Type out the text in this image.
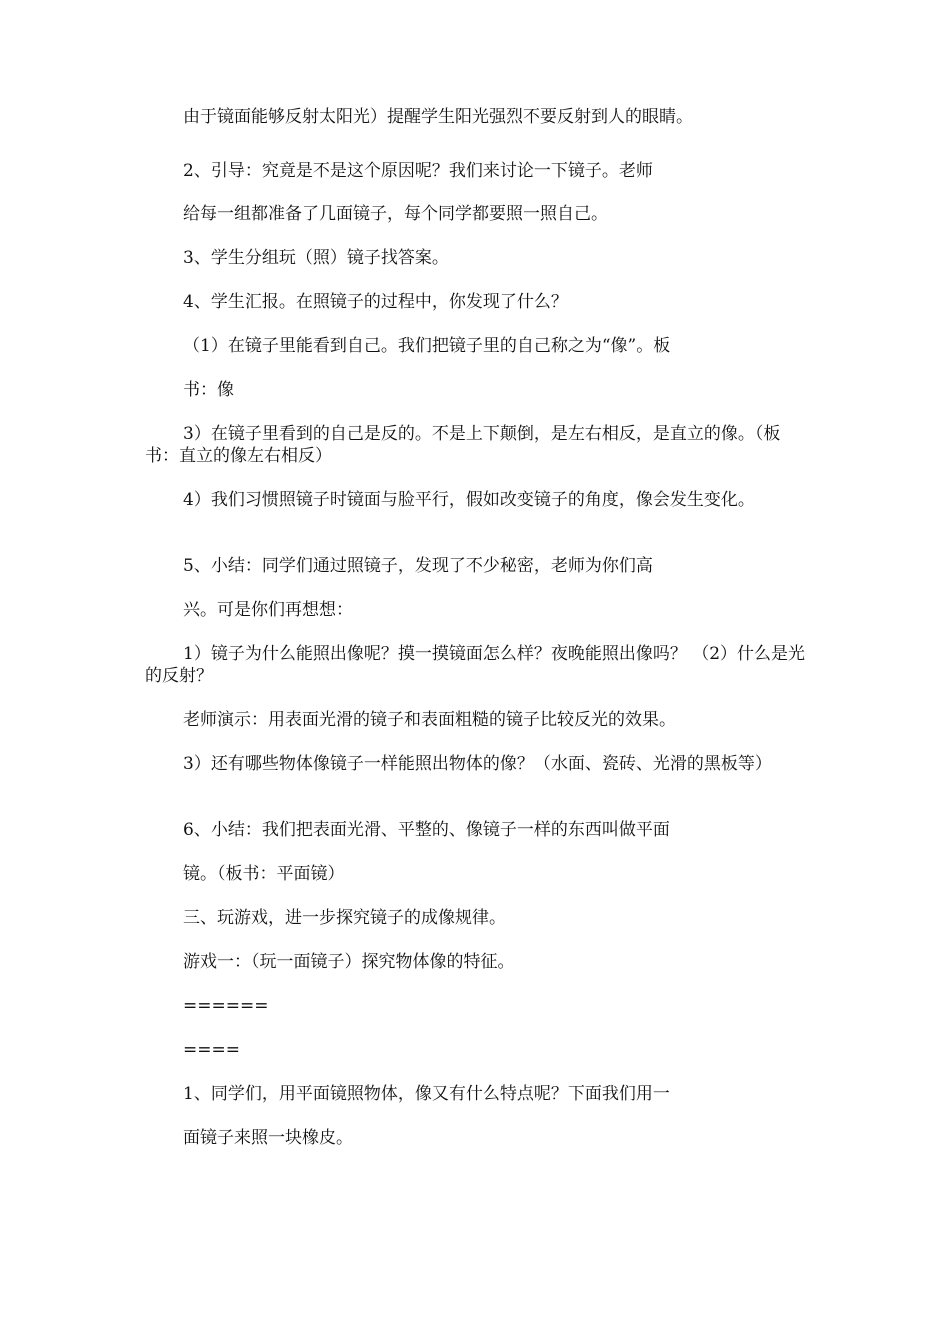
由于镜面能够反射太阳光）提醒学生阳光强烈不要反射到人的眼睛。

2、引导：究竟是不是这个原因呢？我们来讨论一下镜子。老师

给每一组都准备了几面镜子，每个同学都要照一照自己。

3、学生分组玩（照）镜子找答案。

4、学生汇报。在照镜子的过程中，你发现了什么？

（1）在镜子里能看到自己。我们把镜子里的自己称之为“像”。板

书：像

3）在镜子里看到的自己是反的。不是上下颠倒，是左右相反，是直立的像。（板书：直立的像左右相反）

4）我们习惯照镜子时镜面与脸平行，假如改变镜子的角度，像会发生变化。

5、小结：同学们通过照镜子，发现了不少秘密，老师为你们高

兴。可是你们再想想：

1）镜子为什么能照出像呢？摸一摸镜面怎么样？夜晚能照出像吗？ （2）什么是光的反射？

老师演示：用表面光滑的镜子和表面粗糙的镜子比较反光的效果。

3）还有哪些物体像镜子一样能照出物体的像？（水面、瓷砖、光滑的黑板等）

6、小结：我们把表面光滑、平整的、像镜子一样的东西叫做平面

镜。（板书：平面镜）

三、玩游戏，进一步探究镜子的成像规律。

游戏一：（玩一面镜子）探究物体像的特征。

======

====

1、同学们，用平面镜照物体，像又有什么特点呢？下面我们用一

面镜子来照一块橡皮。
